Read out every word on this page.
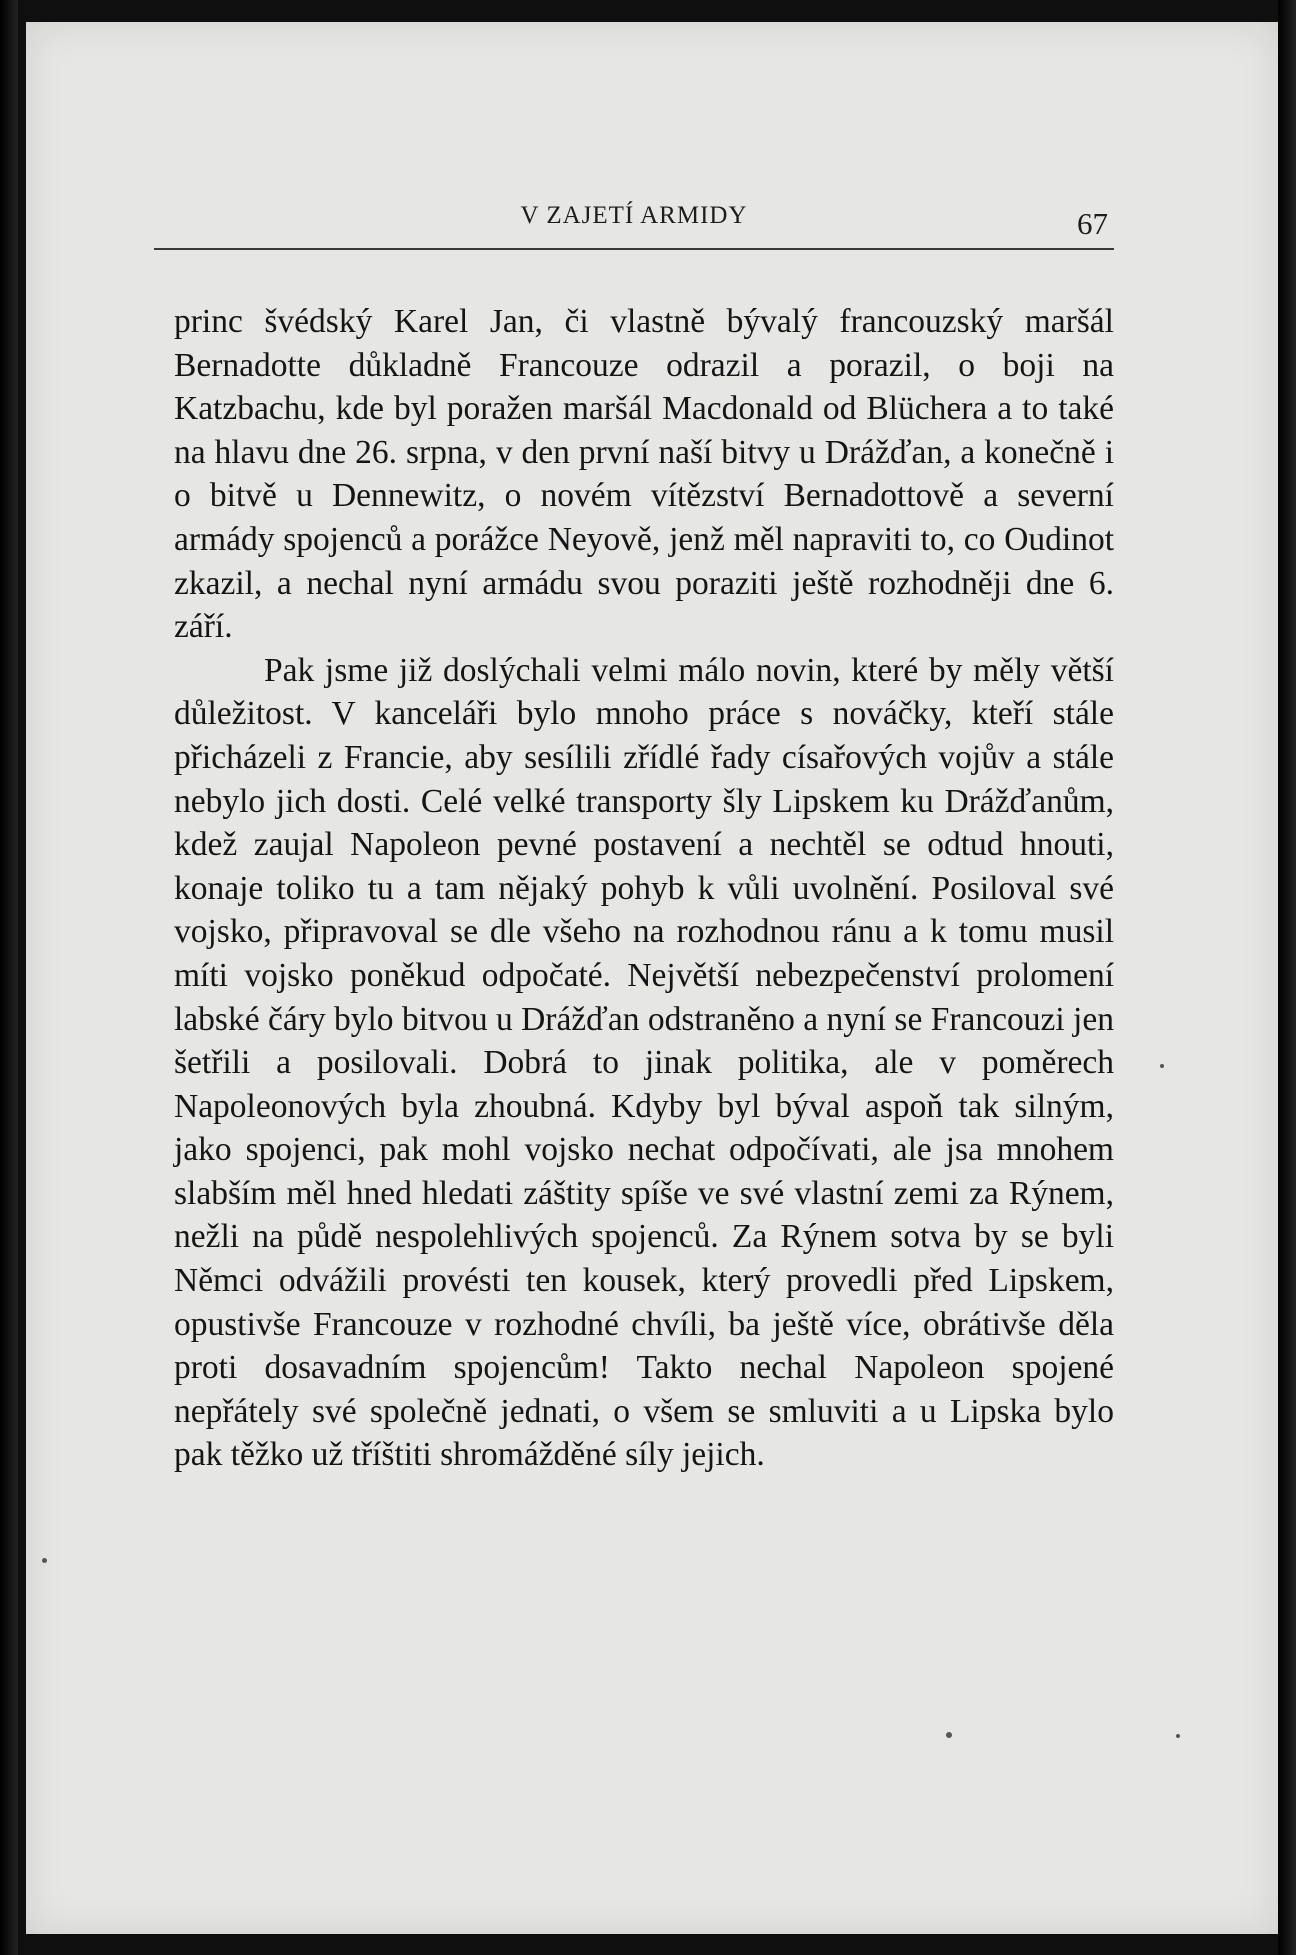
V ZAJETÍ ARMIDY	67

princ švédský Karel Jan, či vlastně bývalý francouzský maršál Bernadotte důkladně Francouze odrazil a porazil, o boji na Katzbachu, kde byl poražen maršál Macdonald od Blüchera a to také na hlavu dne 26. srpna, v den první naší bitvy u Drážďan, a konečně i o bitvě u Dennewitz, o novém vítězství Bernadottově a severní armády spojenců a porážce Neyově, jenž měl napraviti to, co Oudinot zkazil, a nechal nyní armádu svou poraziti ještě rozhodněji dne 6. září.

Pak jsme již doslýchali velmi málo novin, které by měly větší důležitost. V kanceláři bylo mnoho práce s nováčky, kteří stále přicházeli z Francie, aby sesílili zřídlé řady císařových vojův a stále nebylo jich dosti. Celé velké transporty šly Lipskem ku Drážďanům, kdež zaujal Napoleon pevné postavení a nechtěl se odtud hnouti, konaje toliko tu a tam nějaký pohyb k vůli uvolnění. Posiloval své vojsko, připravoval se dle všeho na rozhodnou ránu a k tomu musil míti vojsko poněkud odpočaté. Největší nebezpečenství prolomení labské čáry bylo bitvou u Drážďan odstraněno a nyní se Francouzi jen šetřili a posilovali. Dobrá to jinak politika, ale v poměrech Napoleonových byla zhoubná. Kdyby byl býval aspoň tak silným, jako spojenci, pak mohl vojsko nechat odpočívati, ale jsa mnohem slabším měl hned hledati záštity spíše ve své vlastní zemi za Rýnem, nežli na půdě nespolehlivých spojenců. Za Rýnem sotva by se byli Němci odvážili provésti ten kousek, který provedli před Lipskem, opustivše Francouze v rozhodné chvíli, ba ještě více, obrátivše děla proti dosavadním spojencům! Takto nechal Napoleon spojené nepřátely své společně jednati, o všem se smluviti a u Lipska bylo pak těžko už tříštiti shromážděné síly jejich.
